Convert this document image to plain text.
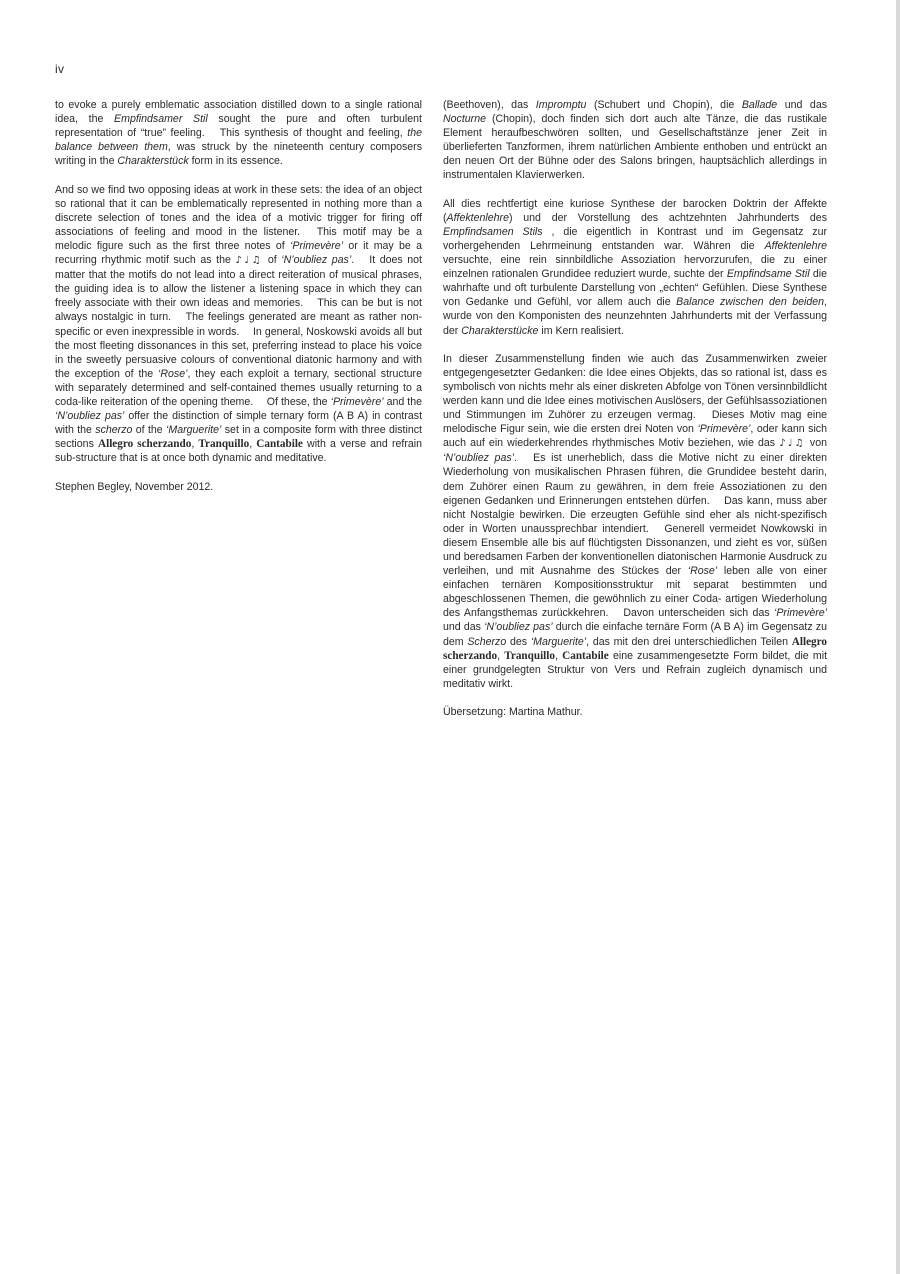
iv

to evoke a purely emblematic association distilled down to a single rational idea, the Empfindsamer Stil sought the pure and often turbulent representation of “true” feeling.  This synthesis of thought and feeling, the balance between them, was struck by the nineteenth century composers writing in the Charakterstück form in its essence.

And so we find two opposing ideas at work in these sets: the idea of an object so rational that it can be emblematically represented in nothing more than a discrete selection of tones and the idea of a motivic trigger for firing off associations of feeling and mood in the listener.  This motif may be a melodic figure such as the first three notes of ‘Primevère’ or it may be a recurring rhythmic motif such as the ♪♩♫ of ‘N’oubliez pas’.  It does not matter that the motifs do not lead into a direct reiteration of musical phrases, the guiding idea is to allow the listener a listening space in which they can freely associate with their own ideas and memories.  This can be but is not always nostalgic in turn.  The feelings generated are meant as rather non-specific or even inexpressible in words.  In general, Noskowski avoids all but the most fleeting dissonances in this set, preferring instead to place his voice in the sweetly persuasive colours of conventional diatonic harmony and with the exception of the ‘Rose’, they each exploit a ternary, sectional structure with separately determined and self-contained themes usually returning to a coda-like reiteration of the opening theme.  Of these, the ‘Primevère’ and the ‘N’oubliez pas’ offer the distinction of simple ternary form (A B A) in contrast with the scherzo of the ‘Marguerite’ set in a composite form with three distinct sections Allegro scherzando, Tranquillo, Cantabile with a verse and refrain sub-structure that is at once both dynamic and meditative.

Stephen Begley, November 2012.

(Beethoven), das Impromptu (Schubert und Chopin), die Ballade und das Nocturne (Chopin), doch finden sich dort auch alte Tänze, die das rustikale Element heraufbeschwören sollten, und Gesellschaftstänze jener Zeit in überlieferten Tanzformen, ihrem natürlichen Ambiente enthoben und entrückt an den neuen Ort der Bühne oder des Salons bringen, hauptsächlich allerdings in instrumentalen Klavierwerken.

All dies rechtfertigt eine kuriose Synthese der barocken Doktrin der Affekte (Affektenlehre) und der Vorstellung des achtzehnten Jahrhunderts des Empfindsamen Stils , die eigentlich in Kontrast und im Gegensatz zur vorhergehenden Lehrmeinung entstanden war. Währen die Affektenlehre versuchte, eine rein sinnbildliche Assoziation hervorzurufen, die zu einer einzelnen rationalen Grundidee reduziert wurde, suchte der Empfindsame Stil die wahrhafte und oft turbulente Darstellung von „echten“ Gefühlen. Diese Synthese von Gedanke und Gefühl, vor allem auch die Balance zwischen den beiden, wurde von den Komponisten des neunzehnten Jahrhunderts mit der Verfassung der Charakterstücke im Kern realisiert.

In dieser Zusammenstellung finden wie auch das Zusammenwirken zweier entgegengesetzter Gedanken: die Idee eines Objekts, das so rational ist, dass es symbolisch von nichts mehr als einer diskreten Abfolge von Tönen versinnbildlicht werden kann und die Idee eines motivischen Auslösers, der Gefühlsassoziationen und Stimmungen im Zuhörer zu erzeugen vermag.  Dieses Motiv mag eine melodische Figur sein, wie die ersten drei Noten von ‘Primevère’, oder kann sich auch auf ein wiederkehrendes rhythmisches Motiv beziehen, wie das ♪♩♫ von ‘N’oubliez pas’.  Es ist unerheblich, dass die Motive nicht zu einer direkten Wiederholung von musikalischen Phrasen führen, die Grundidee besteht darin, dem Zuhörer einen Raum zu gewähren, in dem freie Assoziationen zu den eigenen Gedanken und Erinnerungen entstehen dürfen.  Das kann, muss aber nicht Nostalgie bewirken. Die erzeugten Gefühle sind eher als nicht-spezifisch oder in Worten unaussprechbar intendiert.  Generell vermeidet Nowkowski in diesem Ensemble alle bis auf flüchtigsten Dissonanzen, und zieht es vor, süßen und beredsamen Farben der konventionellen diatonischen Harmonie Ausdruck zu verleihen, und mit Ausnahme des Stückes der ‘Rose’ leben alle von einer einfachen ternären Kompositionsstruktur mit separat bestimmten und abgeschlossenen Themen, die gewöhnlich zu einer Coda- artigen Wiederholung des Anfangsthemas zurückkehren.  Davon unterscheiden sich das ‘Primevère’ und das ‘N’oubliez pas’ durch die einfache ternäre Form (A B A) im Gegensatz zu dem Scherzo des ‘Marguerite’, das mit den drei unterschiedlichen Teilen Allegro scherzando, Tranquillo, Cantabile eine zusammengesetzte Form bildet, die mit einer grundgelegten Struktur von Vers und Refrain zugleich dynamisch und meditativ wirkt.

Übersetzung: Martina Mathur.
